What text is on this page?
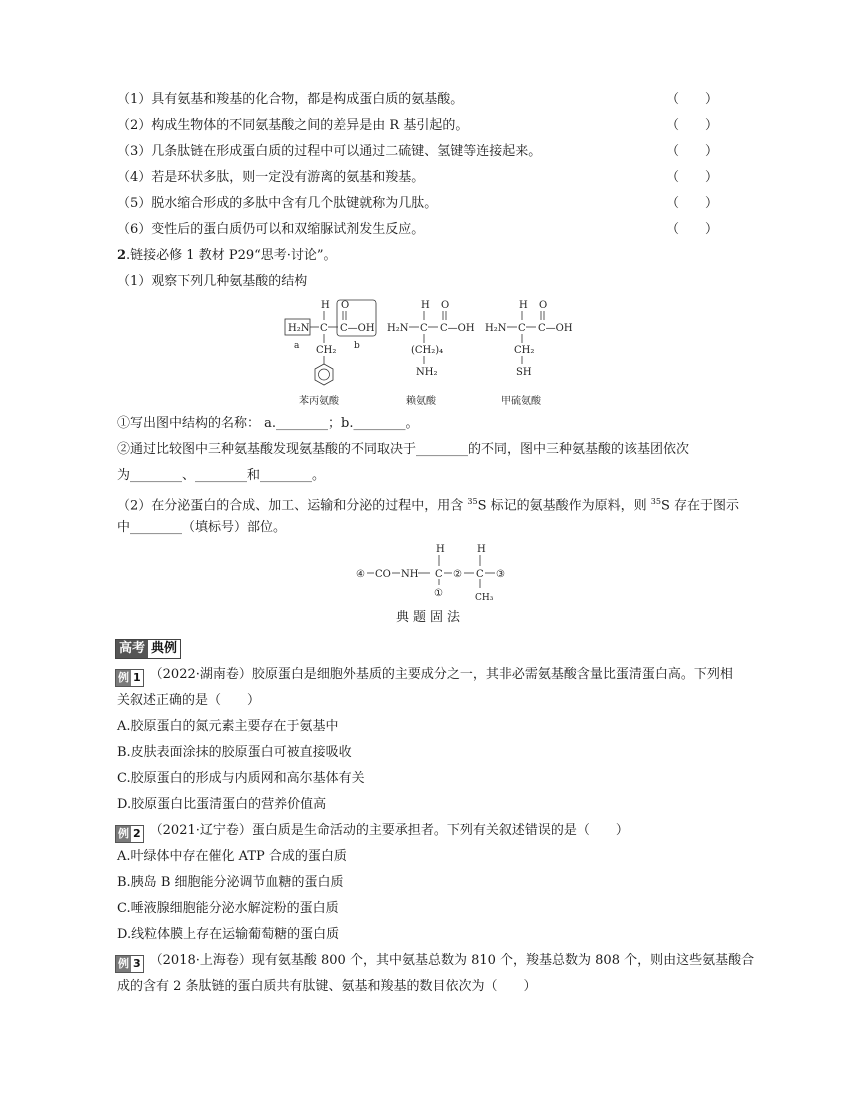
（1）具有氨基和羧基的化合物，都是构成蛋白质的氨基酸。	（　　）
（2）构成生物体的不同氨基酸之间的差异是由 R 基引起的。	（　　）
（3）几条肽链在形成蛋白质的过程中可以通过二硫键、氢键等连接起来。	（　　）
（4）若是环状多肽，则一定没有游离的氨基和羧基。	（　　）
（5）脱水缩合形成的多肽中含有几个肽键就称为几肽。	（　　）
（6）变性后的蛋白质仍可以和双缩脲试剂发生反应。	（　　）
2.链接必修 1 教材 P29“思考·讨论”。
（1）观察下列几种氨基酸的结构
H
H₂N C
O
C—OH
a	b
CH₂
苯丙氨酸
H
H₂N C
O
C—OH
(CH₂)₄
NH₂
赖氨酸
H
H₂N C
O
C—OH
CH₂
SH
甲硫氨酸
①写出图中结构的名称： a.________；b.________。
②通过比较图中三种氨基酸发现氨基酸的不同取决于________的不同，图中三种氨基酸的该基团依次
为________、________和________。
（2）在分泌蛋白的合成、加工、运输和分泌的过程中，用含 $^{35}$S 标记的氨基酸作为原料，则 $^{35}$S 存在于图示
中________（填标号）部位。
④ CO NH
H
C
①
②
H
C
CH₃
③
典题固法
高考 典例
例 1 （2022·湖南卷）胶原蛋白是细胞外基质的主要成分之一，其非必需氨基酸含量比蛋清蛋白高。下列相
关叙述正确的是（　　）
A.胶原蛋白的氮元素主要存在于氨基中
B.皮肤表面涂抹的胶原蛋白可被直接吸收
C.胶原蛋白的形成与内质网和高尔基体有关
D.胶原蛋白比蛋清蛋白的营养价值高
例 2 （2021·辽宁卷）蛋白质是生命活动的主要承担者。下列有关叙述错误的是（　　）
A.叶绿体中存在催化 ATP 合成的蛋白质
B.胰岛 B 细胞能分泌调节血糖的蛋白质
C.唾液腺细胞能分泌水解淀粉的蛋白质
D.线粒体膜上存在运输葡萄糖的蛋白质
例 3 （2018·上海卷）现有氨基酸 800 个，其中氨基总数为 810 个，羧基总数为 808 个，则由这些氨基酸合
成的含有 2 条肽链的蛋白质共有肽键、氨基和羧基的数目依次为（　　）
